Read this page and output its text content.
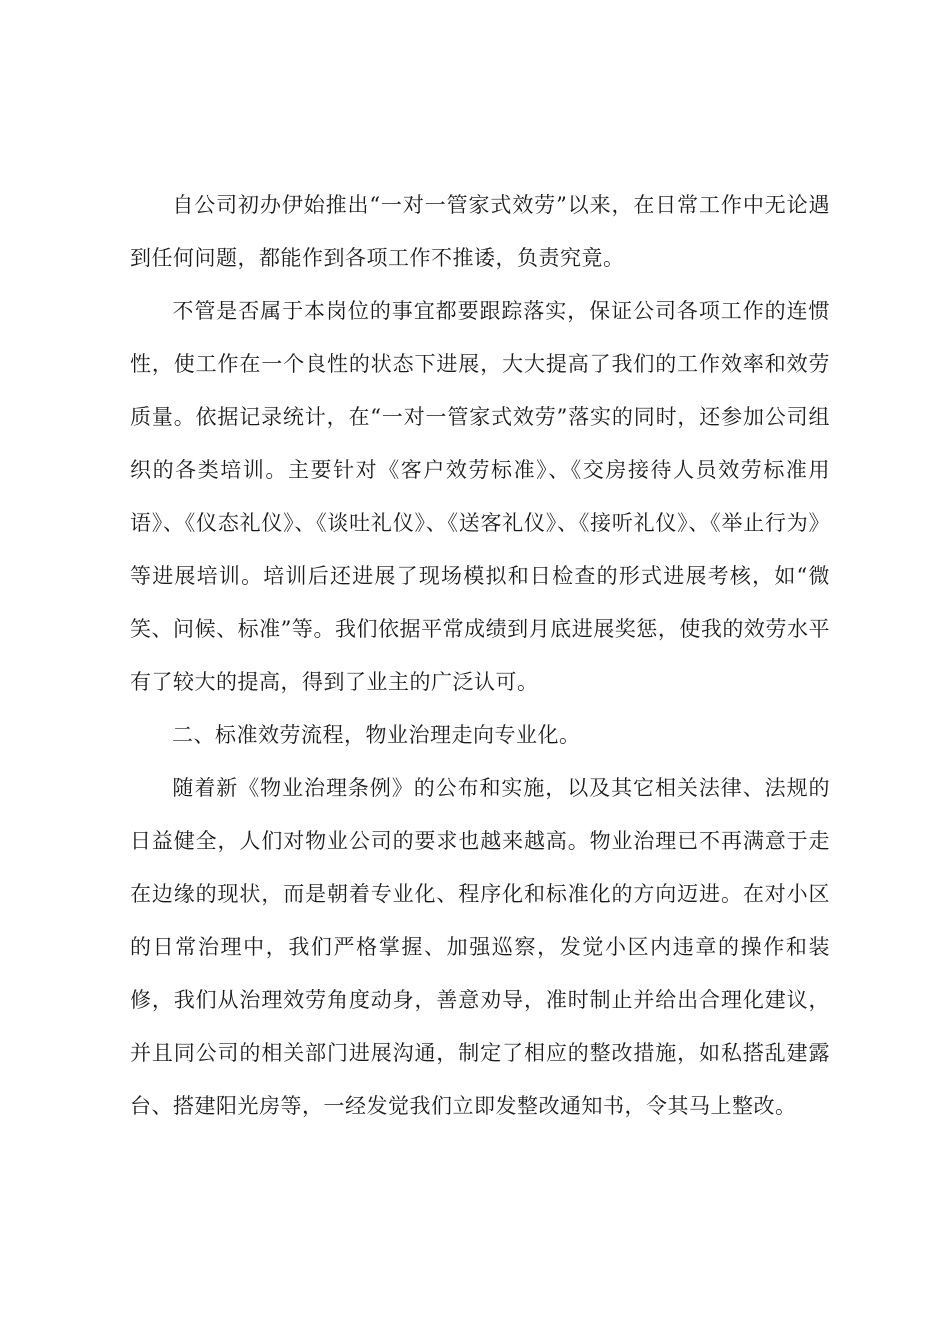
自公司初办伊始推出“一对一管家式效劳”以来，在日常工作中无论遇到任何问题，都能作到各项工作不推诿，负责究竟。

不管是否属于本岗位的事宜都要跟踪落实，保证公司各项工作的连惯性，使工作在一个良性的状态下进展，大大提高了我们的工作效率和效劳质量。依据记录统计，在“一对一管家式效劳”落实的同时，还参加公司组织的各类培训。主要针对《客户效劳标准》、《交房接待人员效劳标准用语》、《仪态礼仪》、《谈吐礼仪》、《送客礼仪》、《接听礼仪》、《举止行为》等进展培训。培训后还进展了现场模拟和日检查的形式进展考核，如“微笑、问候、标准”等。我们依据平常成绩到月底进展奖惩，使我的效劳水平有了较大的提高，得到了业主的广泛认可。

二、标准效劳流程，物业治理走向专业化。

随着新《物业治理条例》的公布和实施，以及其它相关法律、法规的日益健全，人们对物业公司的要求也越来越高。物业治理已不再满意于走在边缘的现状，而是朝着专业化、程序化和标准化的方向迈进。在对小区的日常治理中，我们严格掌握、加强巡察，发觉小区内违章的操作和装修，我们从治理效劳角度动身，善意劝导，准时制止并给出合理化建议，并且同公司的相关部门进展沟通，制定了相应的整改措施，如私搭乱建露台、搭建阳光房等，一经发觉我们立即发整改通知书，令其马上整改。
